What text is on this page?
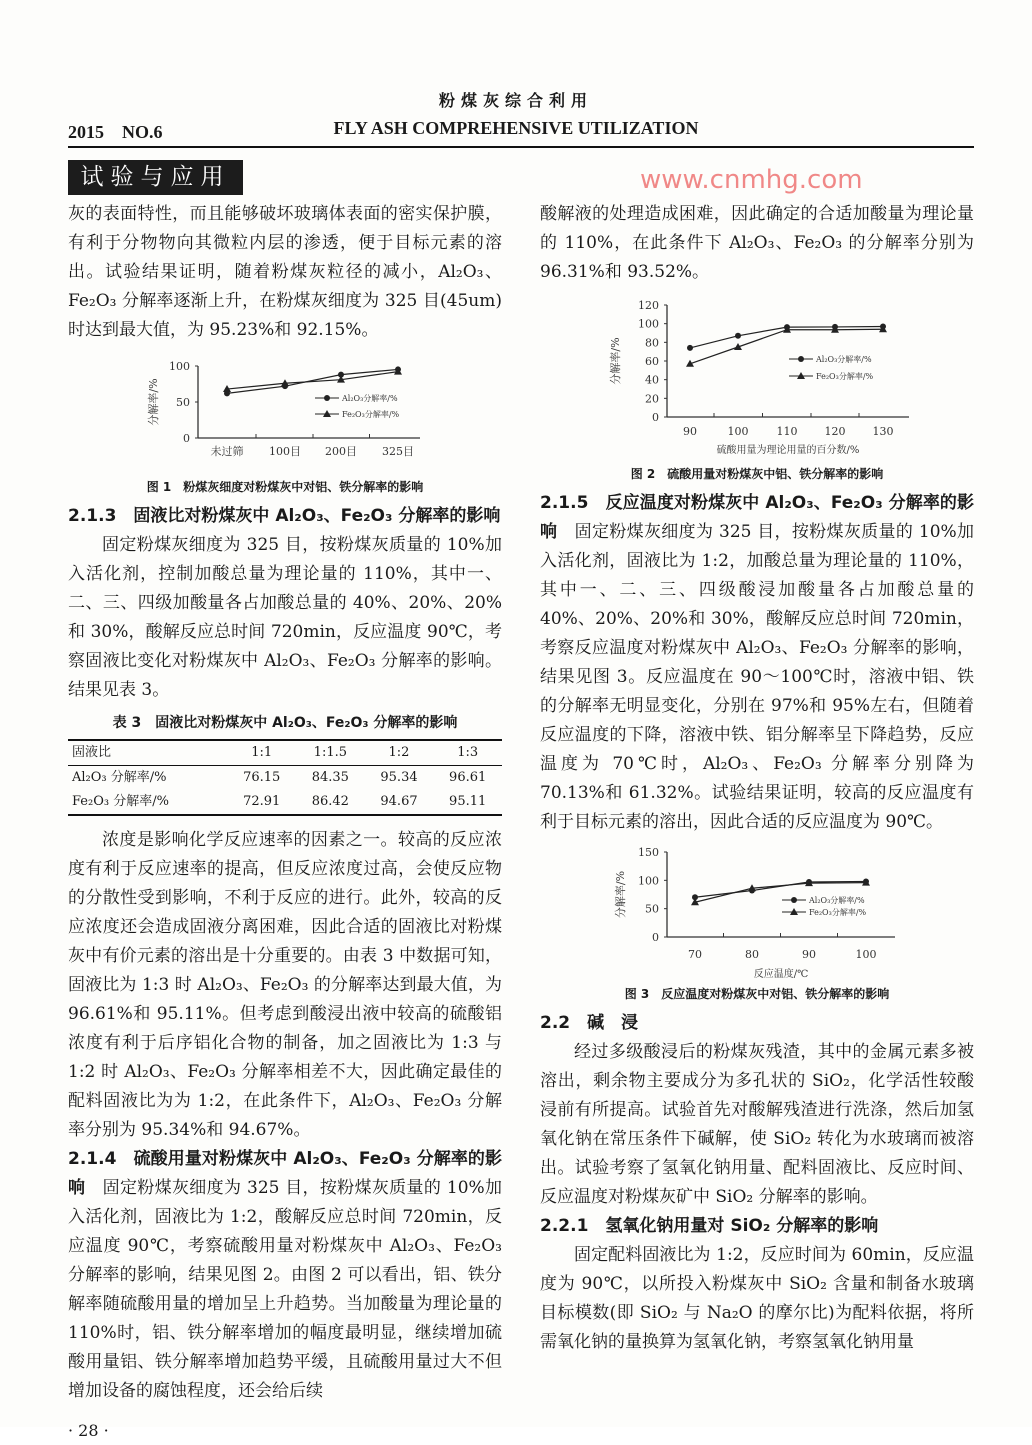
粉煤灰综合利用
2015　NO.6	FLY ASH COMPREHENSIVE UTILIZATION
试验与应用	www.cnmhg.com

灰的表面特性，而且能够破坏玻璃体表面的密实保护膜，有利于分物物向其微粒内层的渗透，便于目标元素的溶出。试验结果证明，随着粉煤灰粒径的减小，Al₂O₃、Fe₂O₃ 分解率逐渐上升，在粉煤灰细度为 325 目(45um)时达到最大值，为 95.23%和 92.15%。

0
50
100
未过筛 100目 200目 325目
分解率/%	Al₂O₃分解率/%
Fe₂O₃分解率/%
图 1　粉煤灰细度对粉煤灰中对铝、铁分解率的影响

2.1.3　固液比对粉煤灰中 Al₂O₃、Fe₂O₃ 分解率的影响

固定粉煤灰细度为 325 目，按粉煤灰质量的 10%加入活化剂，控制加酸总量为理论量的 110%，其中一、二、三、四级加酸量各占加酸总量的 40%、20%、20%和 30%，酸解反应总时间 720min，反应温度 90℃，考察固液比变化对粉煤灰中 Al₂O₃、Fe₂O₃ 分解率的影响。结果见表 3。

表 3　固液比对粉煤灰中 Al₂O₃、Fe₂O₃ 分解率的影响
固液比	1:1	1:1.5	1:2	1:3
Al₂O₃ 分解率/%	76.15	84.35	95.34	96.61
Fe₂O₃ 分解率/%	72.91	86.42	94.67	95.11

浓度是影响化学反应速率的因素之一。较高的反应浓度有利于反应速率的提高，但反应浓度过高，会使反应物的分散性受到影响，不利于反应的进行。此外，较高的反应浓度还会造成固液分离困难，因此合适的固液比对粉煤灰中有价元素的溶出是十分重要的。由表 3 中数据可知，固液比为 1:3 时 Al₂O₃、Fe₂O₃ 的分解率达到最大值，为 96.61%和 95.11%。但考虑到酸浸出液中较高的硫酸铝浓度有利于后序铝化合物的制备，加之固液比为 1:3 与 1:2 时 Al₂O₃、Fe₂O₃ 分解率相差不大，因此确定最佳的配料固液比为为 1:2，在此条件下，Al₂O₃、Fe₂O₃ 分解率分别为 95.34%和 94.67%。

2.1.4　硫酸用量对粉煤灰中 Al₂O₃、Fe₂O₃ 分解率的影响　固定粉煤灰细度为 325 目，按粉煤灰质量的 10%加入活化剂，固液比为 1:2，酸解反应总时间 720min，反应温度 90℃，考察硫酸用量对粉煤灰中 Al₂O₃、Fe₂O₃ 分解率的影响，结果见图 2。由图 2 可以看出，铝、铁分解率随硫酸用量的增加呈上升趋势。当加酸量为理论量的 110%时，铝、铁分解率增加的幅度最明显，继续增加硫酸用量铝、铁分解率增加趋势平缓，且硫酸用量过大不但增加设备的腐蚀程度，还会给后续

· 28 ·

酸解液的处理造成困难，因此确定的合适加酸量为理论量的 110%，在此条件下 Al₂O₃、Fe₂O₃ 的分解率分别为 96.31%和 93.52%。

0
20
40
60
80
100
120
90	100	110 120 130
分解率/%
硫酸用量为理论用量的百分数/%
Al₂O₃分解率/%
Fe₂O₃分解率/%
图 2　硫酸用量对粉煤灰中铝、铁分解率的影响

2.1.5　反应温度对粉煤灰中 Al₂O₃、Fe₂O₃ 分解率的影响　固定粉煤灰细度为 325 目，按粉煤灰质量的 10%加入活化剂，固液比为 1:2，加酸总量为理论量的 110%，其中一、二、三、四级酸浸加酸量各占加酸总量的 40%、20%、20%和 30%，酸解反应总时间 720min，考察反应温度对粉煤灰中 Al₂O₃、Fe₂O₃ 分解率的影响，结果见图 3。反应温度在 90～100℃时，溶液中铝、铁的分解率无明显变化，分别在 97%和 95%左右，但随着反应温度的下降，溶液中铁、铝分解率呈下降趋势，反应温度为 70℃时，Al₂O₃、Fe₂O₃ 分解率分别降为 70.13%和 61.32%。试验结果证明，较高的反应温度有利于目标元素的溶出，因此合适的反应温度为 90℃。

0
50
100
150
70	80	90	100
分解率/%
反应温度/℃
Al₂O₃分解率/%
Fe₂O₃分解率/%
图 3　反应温度对粉煤灰中对铝、铁分解率的影响

2.2　碱　浸

经过多级酸浸后的粉煤灰残渣，其中的金属元素多被溶出，剩余物主要成分为多孔状的 SiO₂，化学活性较酸浸前有所提高。试验首先对酸解残渣进行洗涤，然后加氢氧化钠在常压条件下碱解，使 SiO₂ 转化为水玻璃而被溶出。试验考察了氢氧化钠用量、配料固液比、反应时间、反应温度对粉煤灰矿中 SiO₂ 分解率的影响。

2.2.1　氢氧化钠用量对 SiO₂ 分解率的影响

固定配料固液比为 1:2，反应时间为 60min，反应温度为 90℃，以所投入粉煤灰中 SiO₂ 含量和制备水玻璃目标模数(即 SiO₂ 与 Na₂O 的摩尔比)为配料依据，将所需氧化钠的量换算为氢氧化钠，考察氢氧化钠用量
